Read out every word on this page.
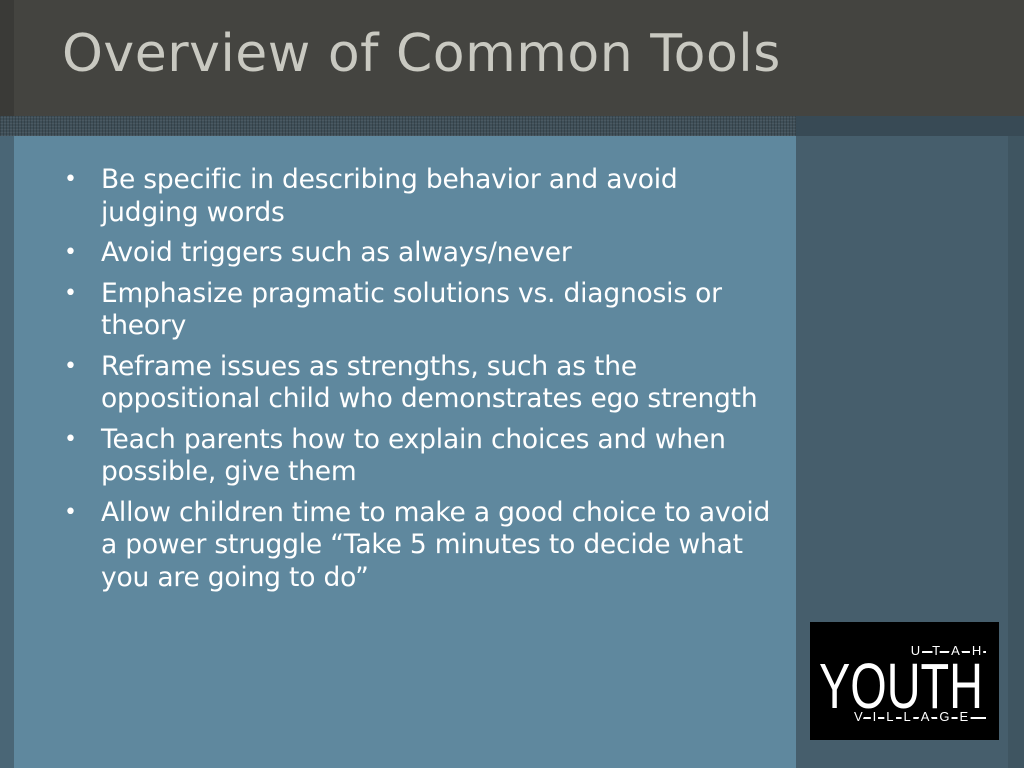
Overview of Common Tools
• Be specific in describing behavior and avoid judging words
• Avoid triggers such as always/never
• Emphasize pragmatic solutions vs. diagnosis or theory
• Reframe issues as strengths, such as the oppositional child who demonstrates ego strength
• Teach parents how to explain choices and when possible, give them
• Allow children time to make a good choice to avoid a power struggle “Take 5 minutes to decide what you are going to do”
UTAH
YOUTH
VILLAGE
